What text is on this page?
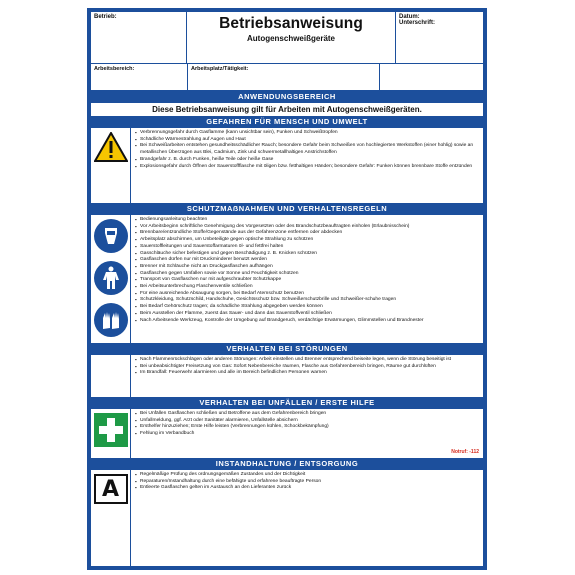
Betrieb:	Betriebsanweisung
Autogenschweißgeräte
Datum:
Unterschrift:
Arbeitsbereich:	Arbeitsplatz/Tätigkeit:
ANWENDUNGSBEREICH
Diese Betriebsanweisung gilt für Arbeiten mit Autogenschweißgeräten.
GEFAHREN FÜR MENSCH UND UMWELT
▪ Verbrennungsgefahr durch Gasflamme (kann unsichtbar sein), Funken und Schweißtropfen
▪ Schädliche Wärmestrahlung auf Augen und Haut
▪ Bei Schweißarbeiten entstehen gesundheitsschädlicher Rauch; besondere Gefahr beim Schweißen von hochlegierten Werkstoffen (einer hohlig) sowie an metallischen Überzügen aus Blei, Cadmium, Zink und schwermetallhaltigen Anstrichstoffen
▪ Brandgefahr z. B. durch Funken, heiße Teile oder heiße Gase
▪ Explosionsgefahr durch Öffnen der Sauerstoffflasche mit öligen bzw. fetthaltigen Händen; besondere Gefahr: Funken können brennbare Stoffe entzünden
SCHUTZMAẞNAHMEN UND VERHALTENSREGELN
▪ Bedienungsanleitung beachten
▪ Vor Arbeitsbeginn schriftliche Genehmigung des Vorgesetzten oder des Brandschutzbeauftragten einholen (Erlaubnisschein)
▪ Brennbare/entzündliche Stoffe/Gegenstände aus der Gefahrenzone entfernen oder abdecken
▪ Arbeitsplatz abschirmen, um Unbeteiligte gegen optische Strahlung zu schützen
▪ Sauerstoffleitungen und Sauerstoffarmaturen öl- und fettfrei halten
▪ Gasschläuche sicher befestigen und gegen Beschädigung z. B. Knicken schützen
▪ Gasflaschen dürfen nur mit Druckminderer benutzt werden
▪ Brenner mit Schläuche nicht an Druckgasflaschen aufhängen
▪ Gasflaschen gegen Umfallen sowie vor Sonne und Feuchtigkeit schützen
▪ Transport von Gasflaschen nur mit aufgeschraubter Schutzkappe
▪ Bei Arbeitsunterbrechung Flaschenventile schließen
▪ Für eine ausreichende Absaugung sorgen, bei Bedarf Atemschutz benutzen
▪ Schutzkleidung, Schutzschild, Handschuhe, Gesichtsschutz bzw. Schweißerschutzbrille und Schweißer-schuhe tragen
▪ Bei Bedarf Gehörschutz tragen; da schädliche Strahlung abgegeben werden können
▪ Beim Ausstellen der Flamme, zuerst das Sauer- und dann das Sauerstoffventil schließen
▪ Nach Arbeitsende Werkzeug, Kontrolle der Umgebung auf Brandgeruch, verdächtige Erwärmungen, Glimmstellen und Brandnester
VERHALTEN BEI STÖRUNGEN
▪ Nach Flammenrückschlägen oder anderen Störungen: Arbeit einstellen und Brenner entsprechend beiseite legen, wenn die Störung beseitigt ist
▪ Bei unbeabsichtigter Freisetzung von Gas: Sofort Nebenbereiche räumen, Flasche aus Gefahrenbereich bringen, Räume gut durchlüften
▪ Im Brandfall: Feuerwehr alarmieren und alle im Bereich befindlichen Personen warnen
VERHALTEN BEI UNFÄLLEN / ERSTE HILFE
▪ Bei Unfällen Gasflaschen schließen und Betroffene aus dem Gefahrenbereich bringen
▪ Unfallmeldung, ggf. Arzt oder Sanitäter alarmieren, Unfallstelle absichern
▪ Ersthelfer hinzuziehen; Erste Hilfe leisten (Verbrennungen kühlen, Schockbekämpfung)
▪ Fehlung im Verbandbuch
Notruf: -112
INSTANDHALTUNG / ENTSORGUNG
A
▪ Regelmäßige Prüfung des ordnungsgemäßen Zustandes und der Dichtigkeit
▪ Reparaturen/Instandhaltung durch eine befähigte und erfahrene beauftragte Person
▪ Entleerte Gasflaschen gelten im Austausch an den Lieferanten zurück
